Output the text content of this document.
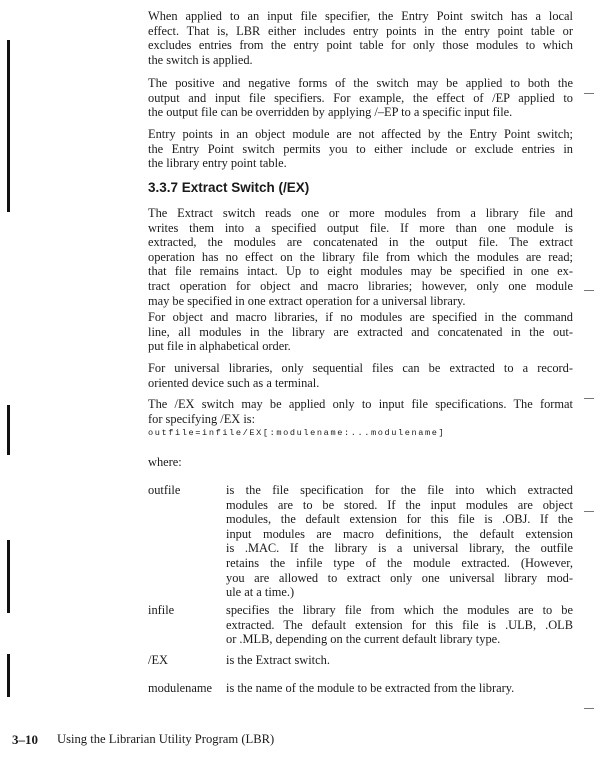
When applied to an input file specifier, the Entry Point switch has a local
effect. That is, LBR either includes entry points in the entry point table or
excludes entries from the entry point table for only those modules to which
the switch is applied.
The positive and negative forms of the switch may be applied to both the
output and input file specifiers. For example, the effect of /EP applied to
the output file can be overridden by applying /–EP to a specific input file.
Entry points in an object module are not affected by the Entry Point switch;
the Entry Point switch permits you to either include or exclude entries in
the library entry point table.
3.3.7 Extract Switch (/EX)
The Extract switch reads one or more modules from a library file and
writes them into a specified output file. If more than one module is
extracted, the modules are concatenated in the output file. The extract
operation has no effect on the library file from which the modules are read;
that file remains intact. Up to eight modules may be specified in one ex-
tract operation for object and macro libraries; however, only one module
may be specified in one extract operation for a universal library.
For object and macro libraries, if no modules are specified in the command
line, all modules in the library are extracted and concatenated in the out-
put file in alphabetical order.
For universal libraries, only sequential files can be extracted to a record-
oriented device such as a terminal.
The /EX switch may be applied only to input file specifications. The format
for specifying /EX is:
outfile=infile/EX[:modulename:...modulename]
where:
outfile	is the file specification for the file into which extracted
modules are to be stored. If the input modules are object
modules, the default extension for this file is .OBJ. If the
input modules are macro definitions, the default extension
is .MAC. If the library is a universal library, the outfile
retains the infile type of the module extracted. (However,
you are allowed to extract only one universal library mod-
ule at a time.)
infile	specifies the library file from which the modules are to be
extracted. The default extension for this file is .ULB, .OLB
or .MLB, depending on the current default library type.
/EX	is the Extract switch.
modulename is the name of the module to be extracted from the library.
3–10 Using the Librarian Utility Program (LBR)
